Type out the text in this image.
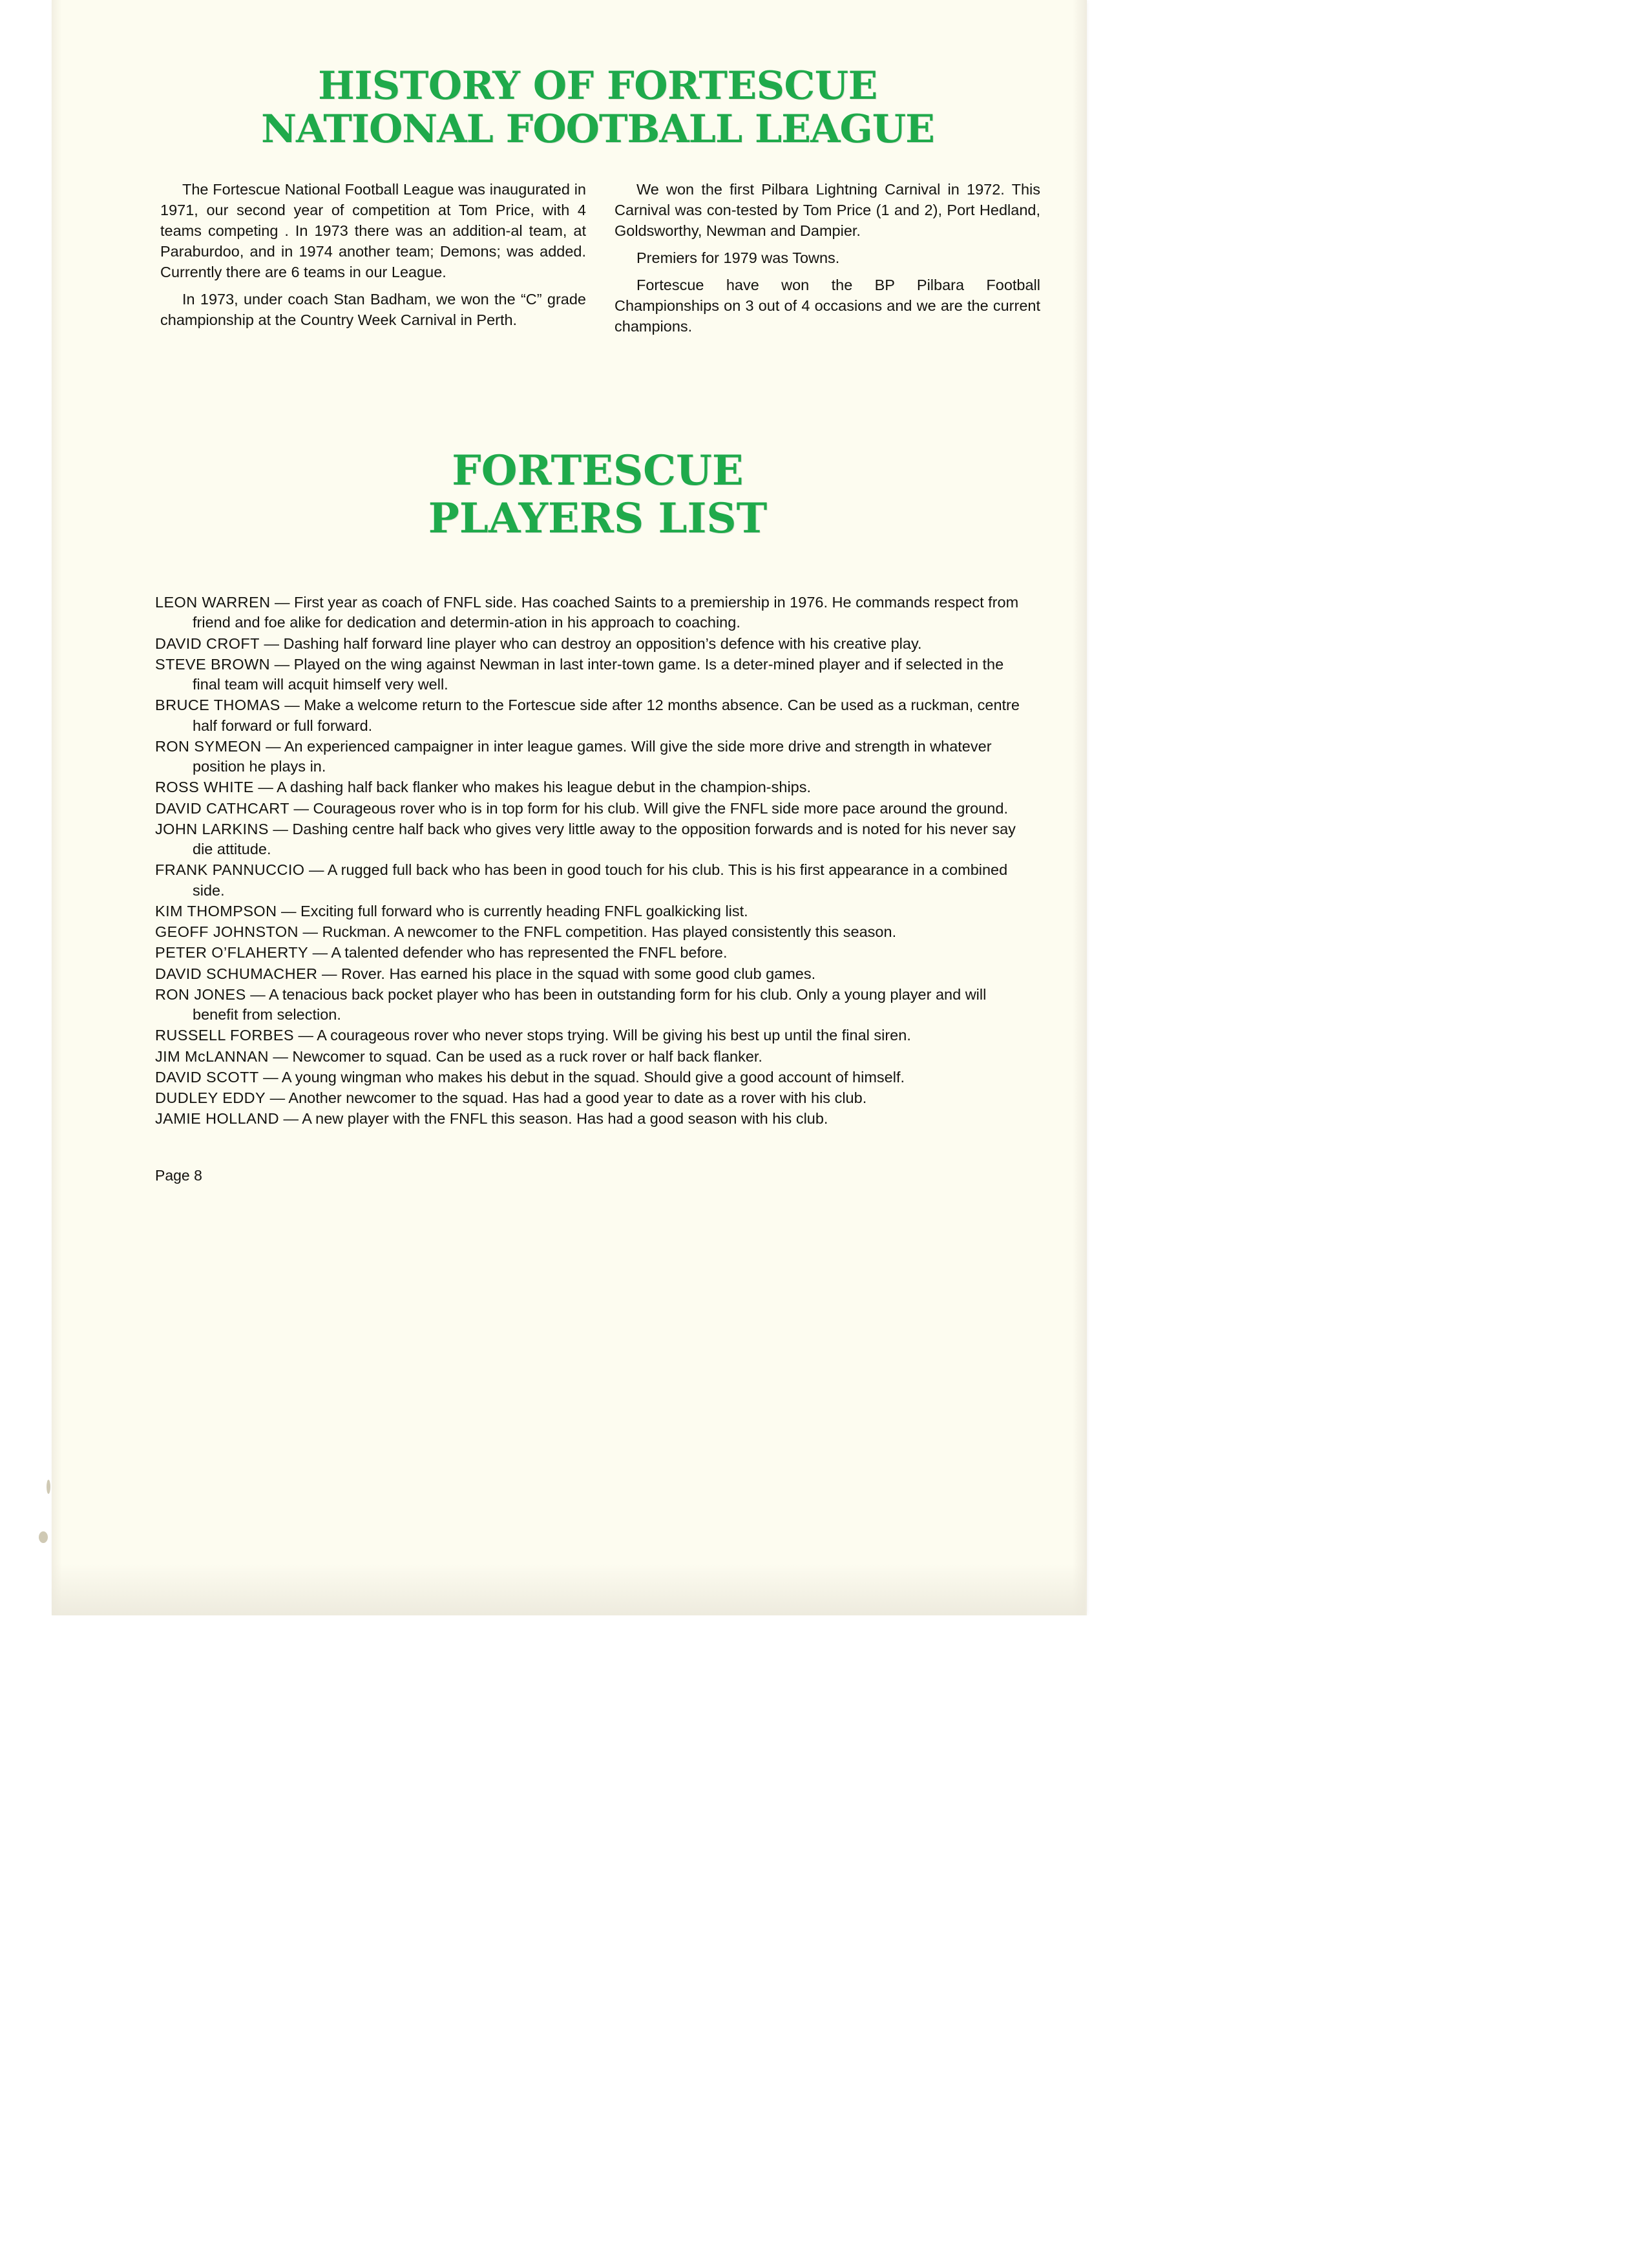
HISTORY OF FORTESCUE
NATIONAL FOOTBALL LEAGUE

The Fortescue National Football League was inaugurated in 1971, our second year of competition at Tom Price, with 4 teams competing . In 1973 there was an addition-al team, at Paraburdoo, and in 1974 another team; Demons; was added. Currently there are 6 teams in our League.

In 1973, under coach Stan Badham, we won the “C” grade championship at the Country Week Carnival in Perth.

We won the first Pilbara Lightning Carnival in 1972. This Carnival was con-tested by Tom Price (1 and 2), Port Hedland, Goldsworthy, Newman and Dampier.

Premiers for 1979 was Towns.

Fortescue have won the BP Pilbara Football Championships on 3 out of 4 occasions and we are the current champions.

FORTESCUE
PLAYERS LIST
LEON WARREN — First year as coach of FNFL side. Has coached Saints to a premiership in 1976. He commands respect from friend and foe alike for dedication and determin-ation in his approach to coaching.
DAVID CROFT — Dashing half forward line player who can destroy an opposition’s defence with his creative play.
STEVE BROWN — Played on the wing against Newman in last inter-town game. Is a deter-mined player and if selected in the final team will acquit himself very well.
BRUCE THOMAS — Make a welcome return to the Fortescue side after 12 months absence. Can be used as a ruckman, centre half forward or full forward.
RON SYMEON — An experienced campaigner in inter league games. Will give the side more drive and strength in whatever position he plays in.
ROSS WHITE — A dashing half back flanker who makes his league debut in the champion-ships.
DAVID CATHCART — Courageous rover who is in top form for his club. Will give the FNFL side more pace around the ground.
JOHN LARKINS — Dashing centre half back who gives very little away to the opposition forwards and is noted for his never say die attitude.
FRANK PANNUCCIO — A rugged full back who has been in good touch for his club. This is his first appearance in a combined side.
KIM THOMPSON — Exciting full forward who is currently heading FNFL goalkicking list.
GEOFF JOHNSTON — Ruckman. A newcomer to the FNFL competition. Has played consistently this season.
PETER O’FLAHERTY — A talented defender who has represented the FNFL before.
DAVID SCHUMACHER — Rover. Has earned his place in the squad with some good club games.
RON JONES — A tenacious back pocket player who has been in outstanding form for his club. Only a young player and will benefit from selection.
RUSSELL FORBES — A courageous rover who never stops trying. Will be giving his best up until the final siren.
JIM McLANNAN — Newcomer to squad. Can be used as a ruck rover or half back flanker.
DAVID SCOTT — A young wingman who makes his debut in the squad. Should give a good account of himself.
DUDLEY EDDY — Another newcomer to the squad. Has had a good year to date as a rover with his club.
JAMIE HOLLAND — A new player with the FNFL this season. Has had a good season with his club.
Page 8
